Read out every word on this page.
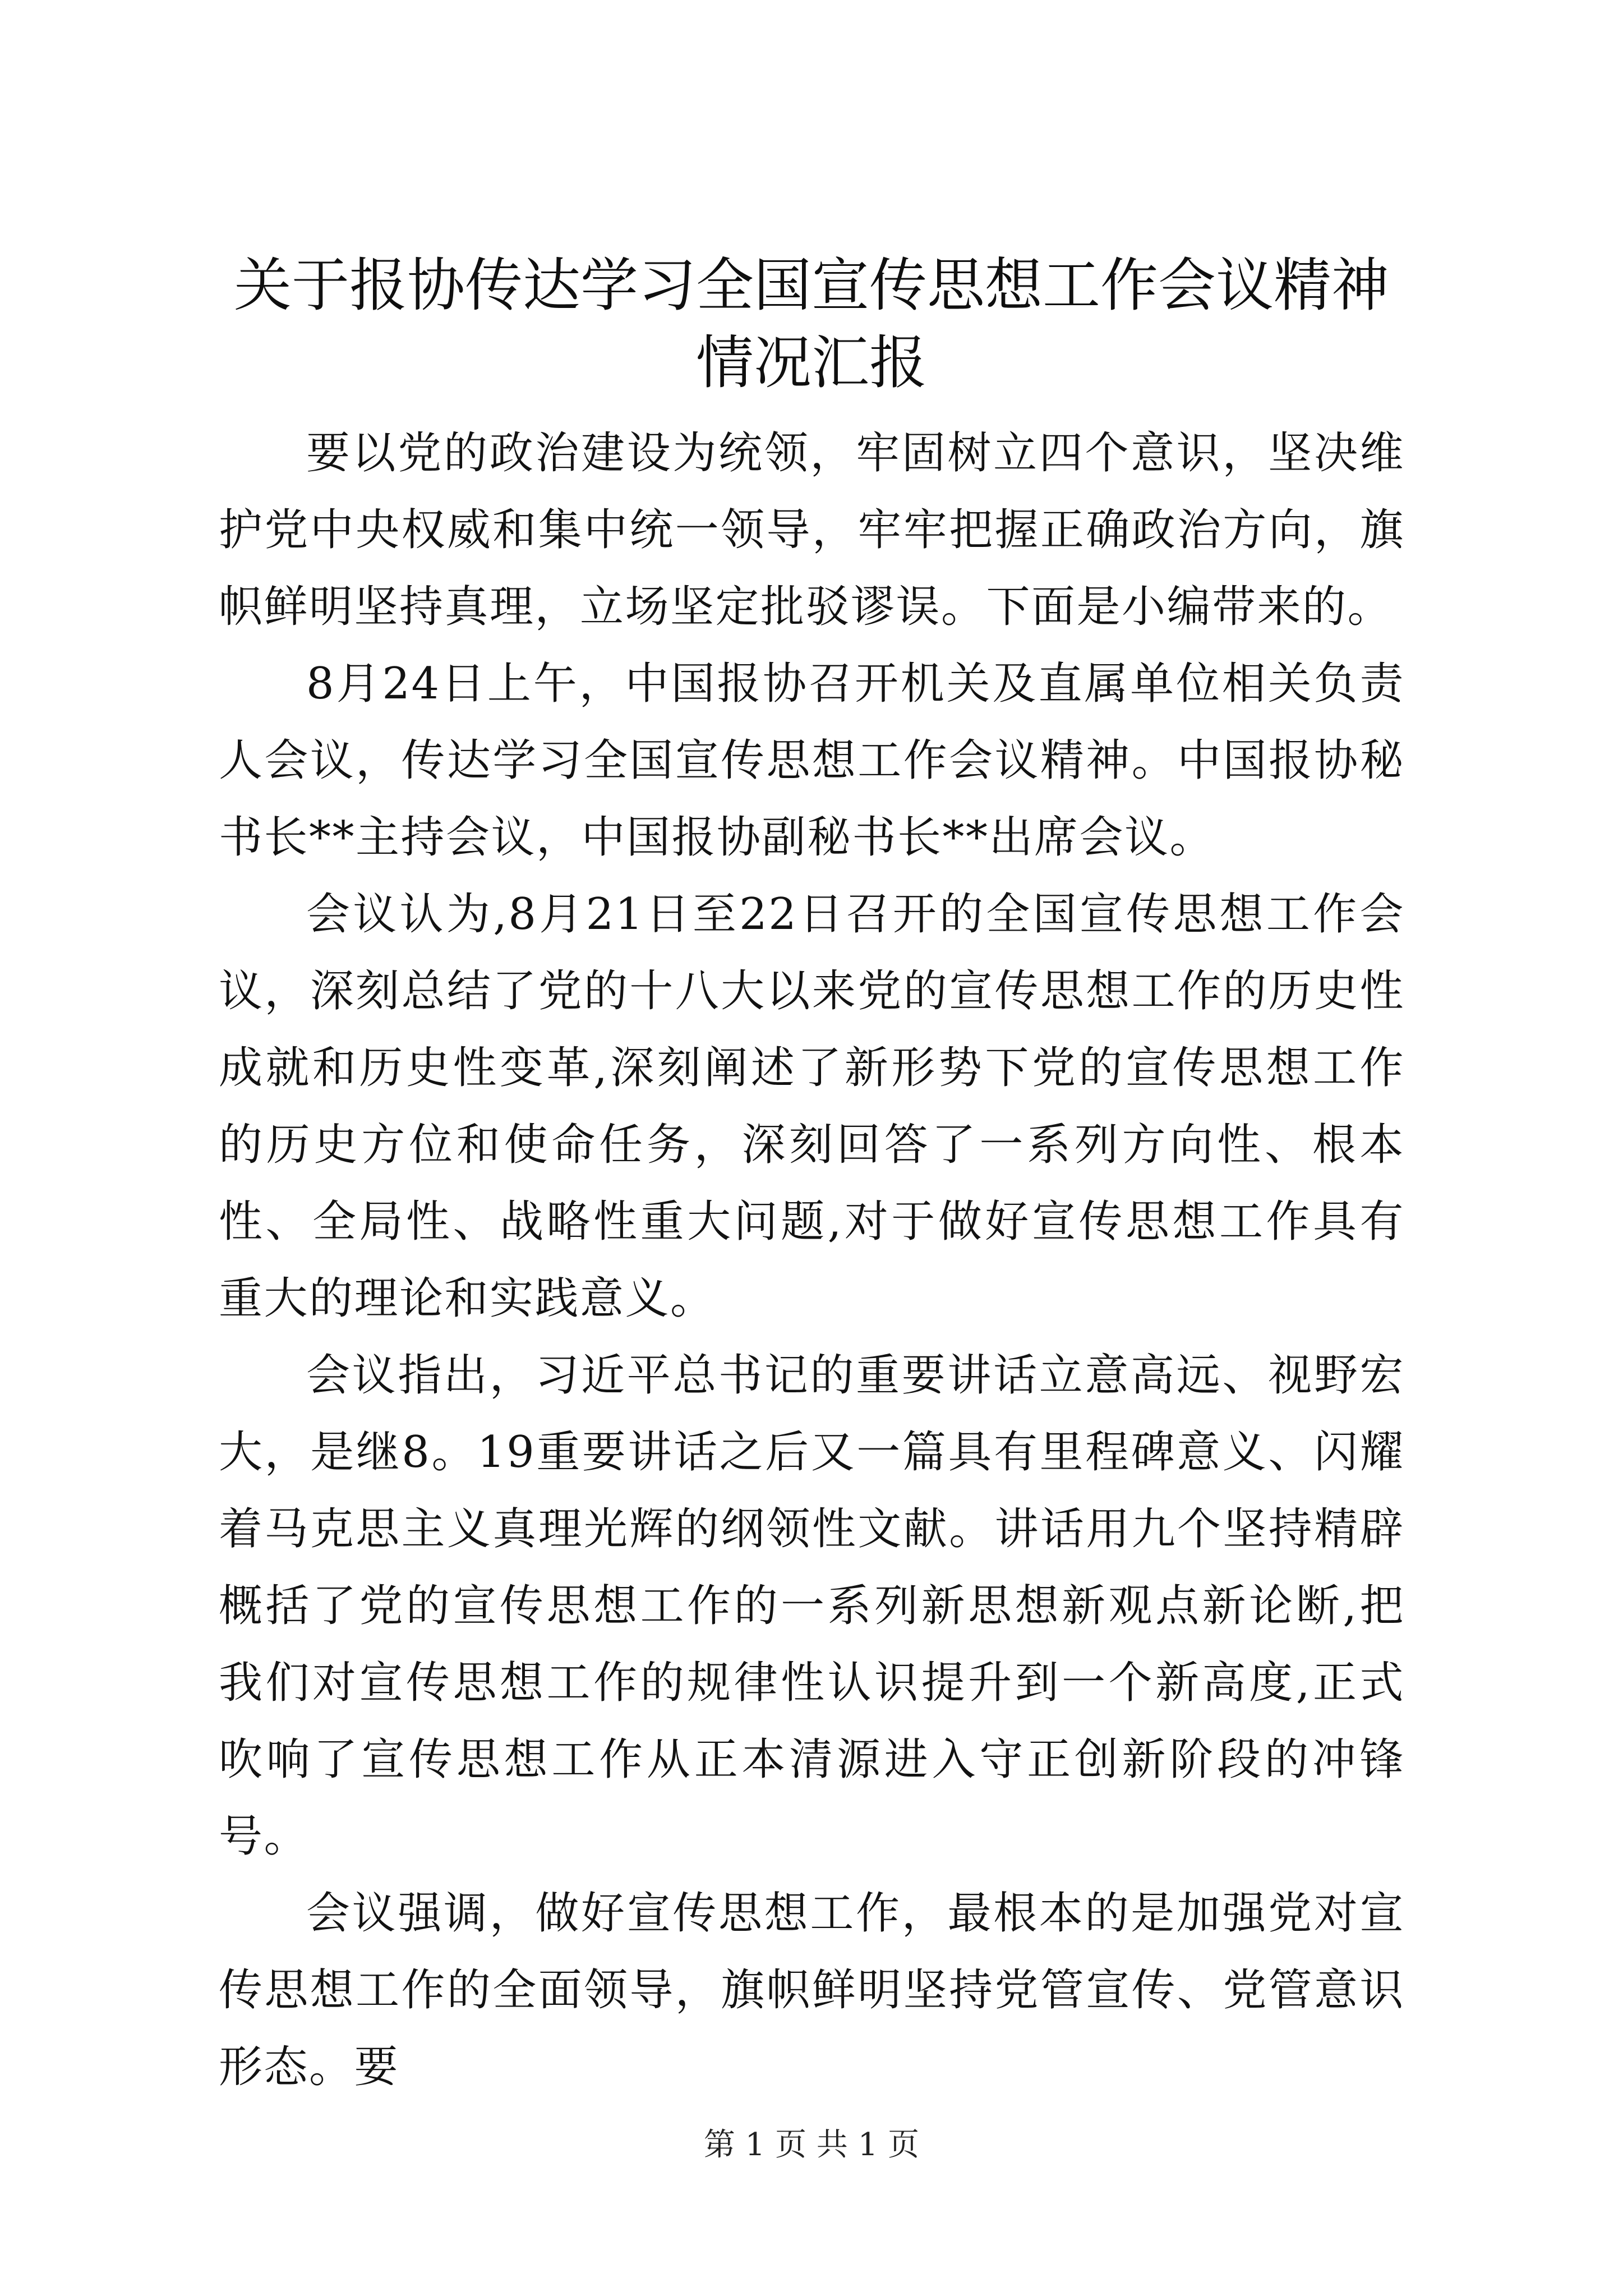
关于报协传达学习全国宣传思想工作会议精神情况汇报

要以党的政治建设为统领，牢固树立四个意识，坚决维护党中央权威和集中统一领导，牢牢把握正确政治方向，旗帜鲜明坚持真理，立场坚定批驳谬误。下面是小编带来的。

8月24日上午，中国报协召开机关及直属单位相关负责人会议，传达学习全国宣传思想工作会议精神。中国报协秘书长**主持会议，中国报协副秘书长**出席会议。

会议认为,8月21日至22日召开的全国宣传思想工作会议，深刻总结了党的十八大以来党的宣传思想工作的历史性成就和历史性变革,深刻阐述了新形势下党的宣传思想工作的历史方位和使命任务，深刻回答了一系列方向性、根本性、全局性、战略性重大问题,对于做好宣传思想工作具有重大的理论和实践意义。

会议指出，习近平总书记的重要讲话立意高远、视野宏大，是继8。19重要讲话之后又一篇具有里程碑意义、闪耀着马克思主义真理光辉的纲领性文献。讲话用九个坚持精辟概括了党的宣传思想工作的一系列新思想新观点新论断,把我们对宣传思想工作的规律性认识提升到一个新高度,正式吹响了宣传思想工作从正本清源进入守正创新阶段的冲锋号。

会议强调，做好宣传思想工作，最根本的是加强党对宣传思想工作的全面领导，旗帜鲜明坚持党管宣传、党管意识形态。要

第 1 页 共 1 页
